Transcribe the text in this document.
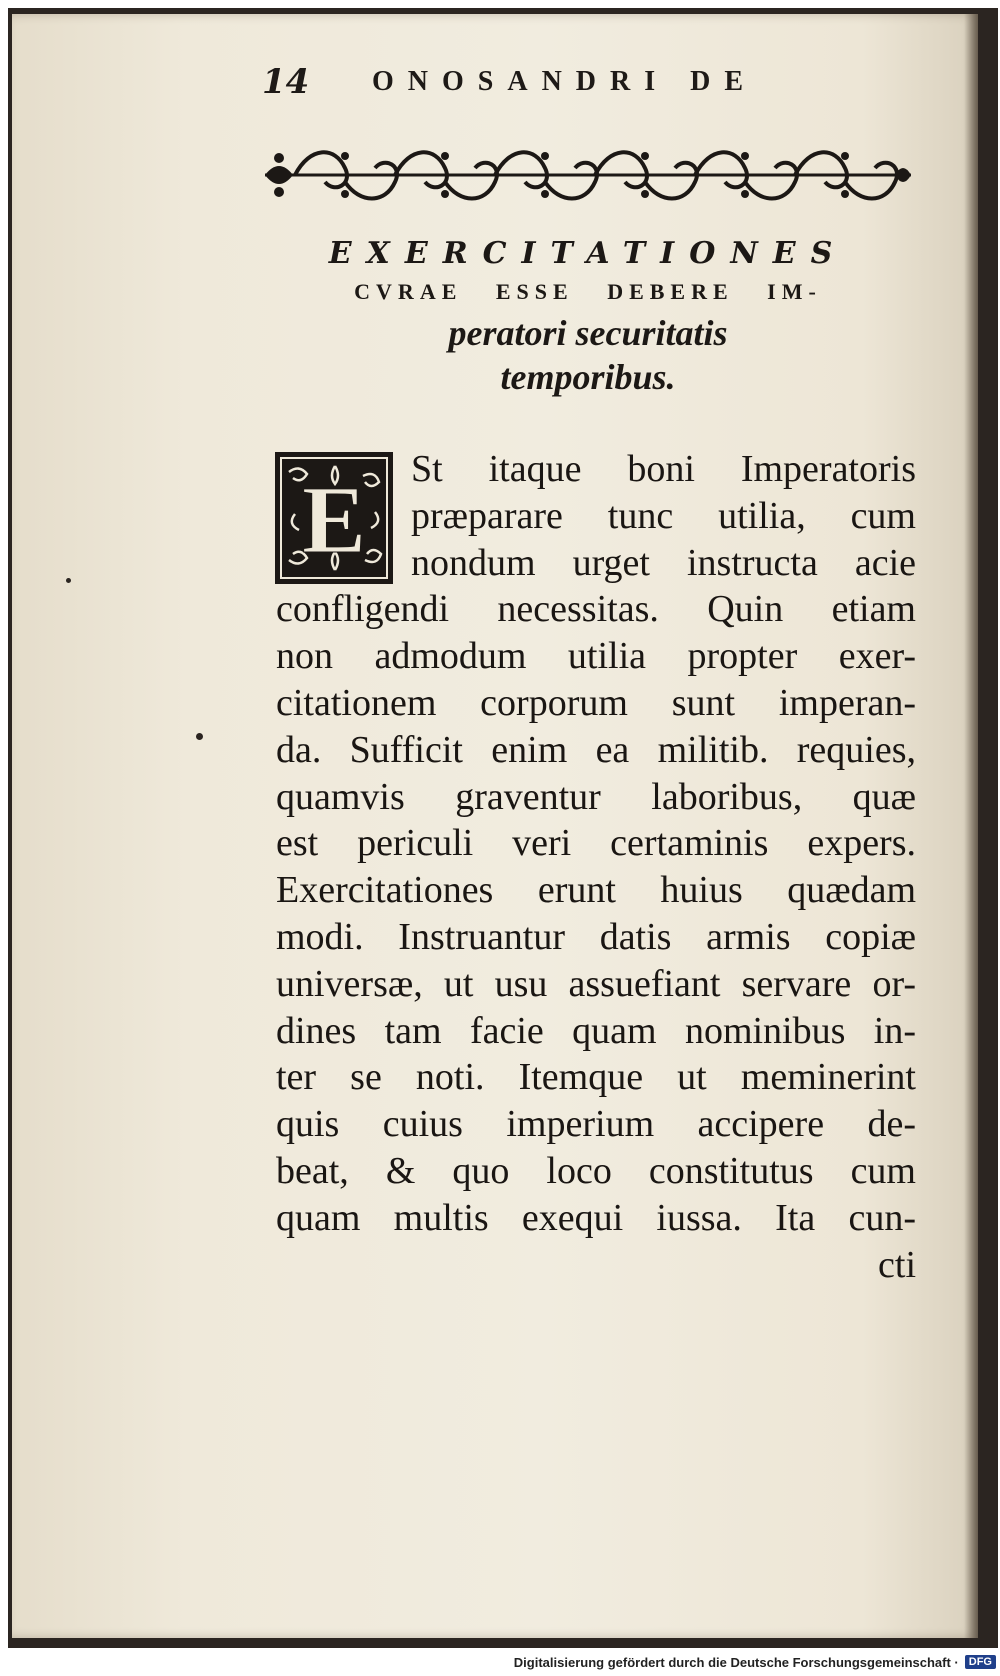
14 ONOSANDRI DE
EXERCITATIONES
CVRAE ESSE DEBERE IM-
peratori securitatis
temporibus.
E	St itaque boni Imperatoris
præparare tunc utilia, cum
nondum urget instructa acie
confligendi necessitas. Quin etiam
non admodum utilia propter exer-
citationem corporum sunt imperan-
da. Sufficit enim ea militib. requies,
quamvis graventur laboribus, quæ
est periculi veri certaminis expers.
Exercitationes erunt huius quædam
modi. Instruantur datis armis copiæ
universæ, ut usu assuefiant servare or-
dines tam facie quam nominibus in-
ter se noti. Itemque ut meminerint
quis cuius imperium accipere de-
beat, & quo loco constitutus cum
quam multis exequi iussa. Ita cun-
cti
Digitalisierung gefördert durch die Deutsche Forschungsgemeinschaft · DFG
